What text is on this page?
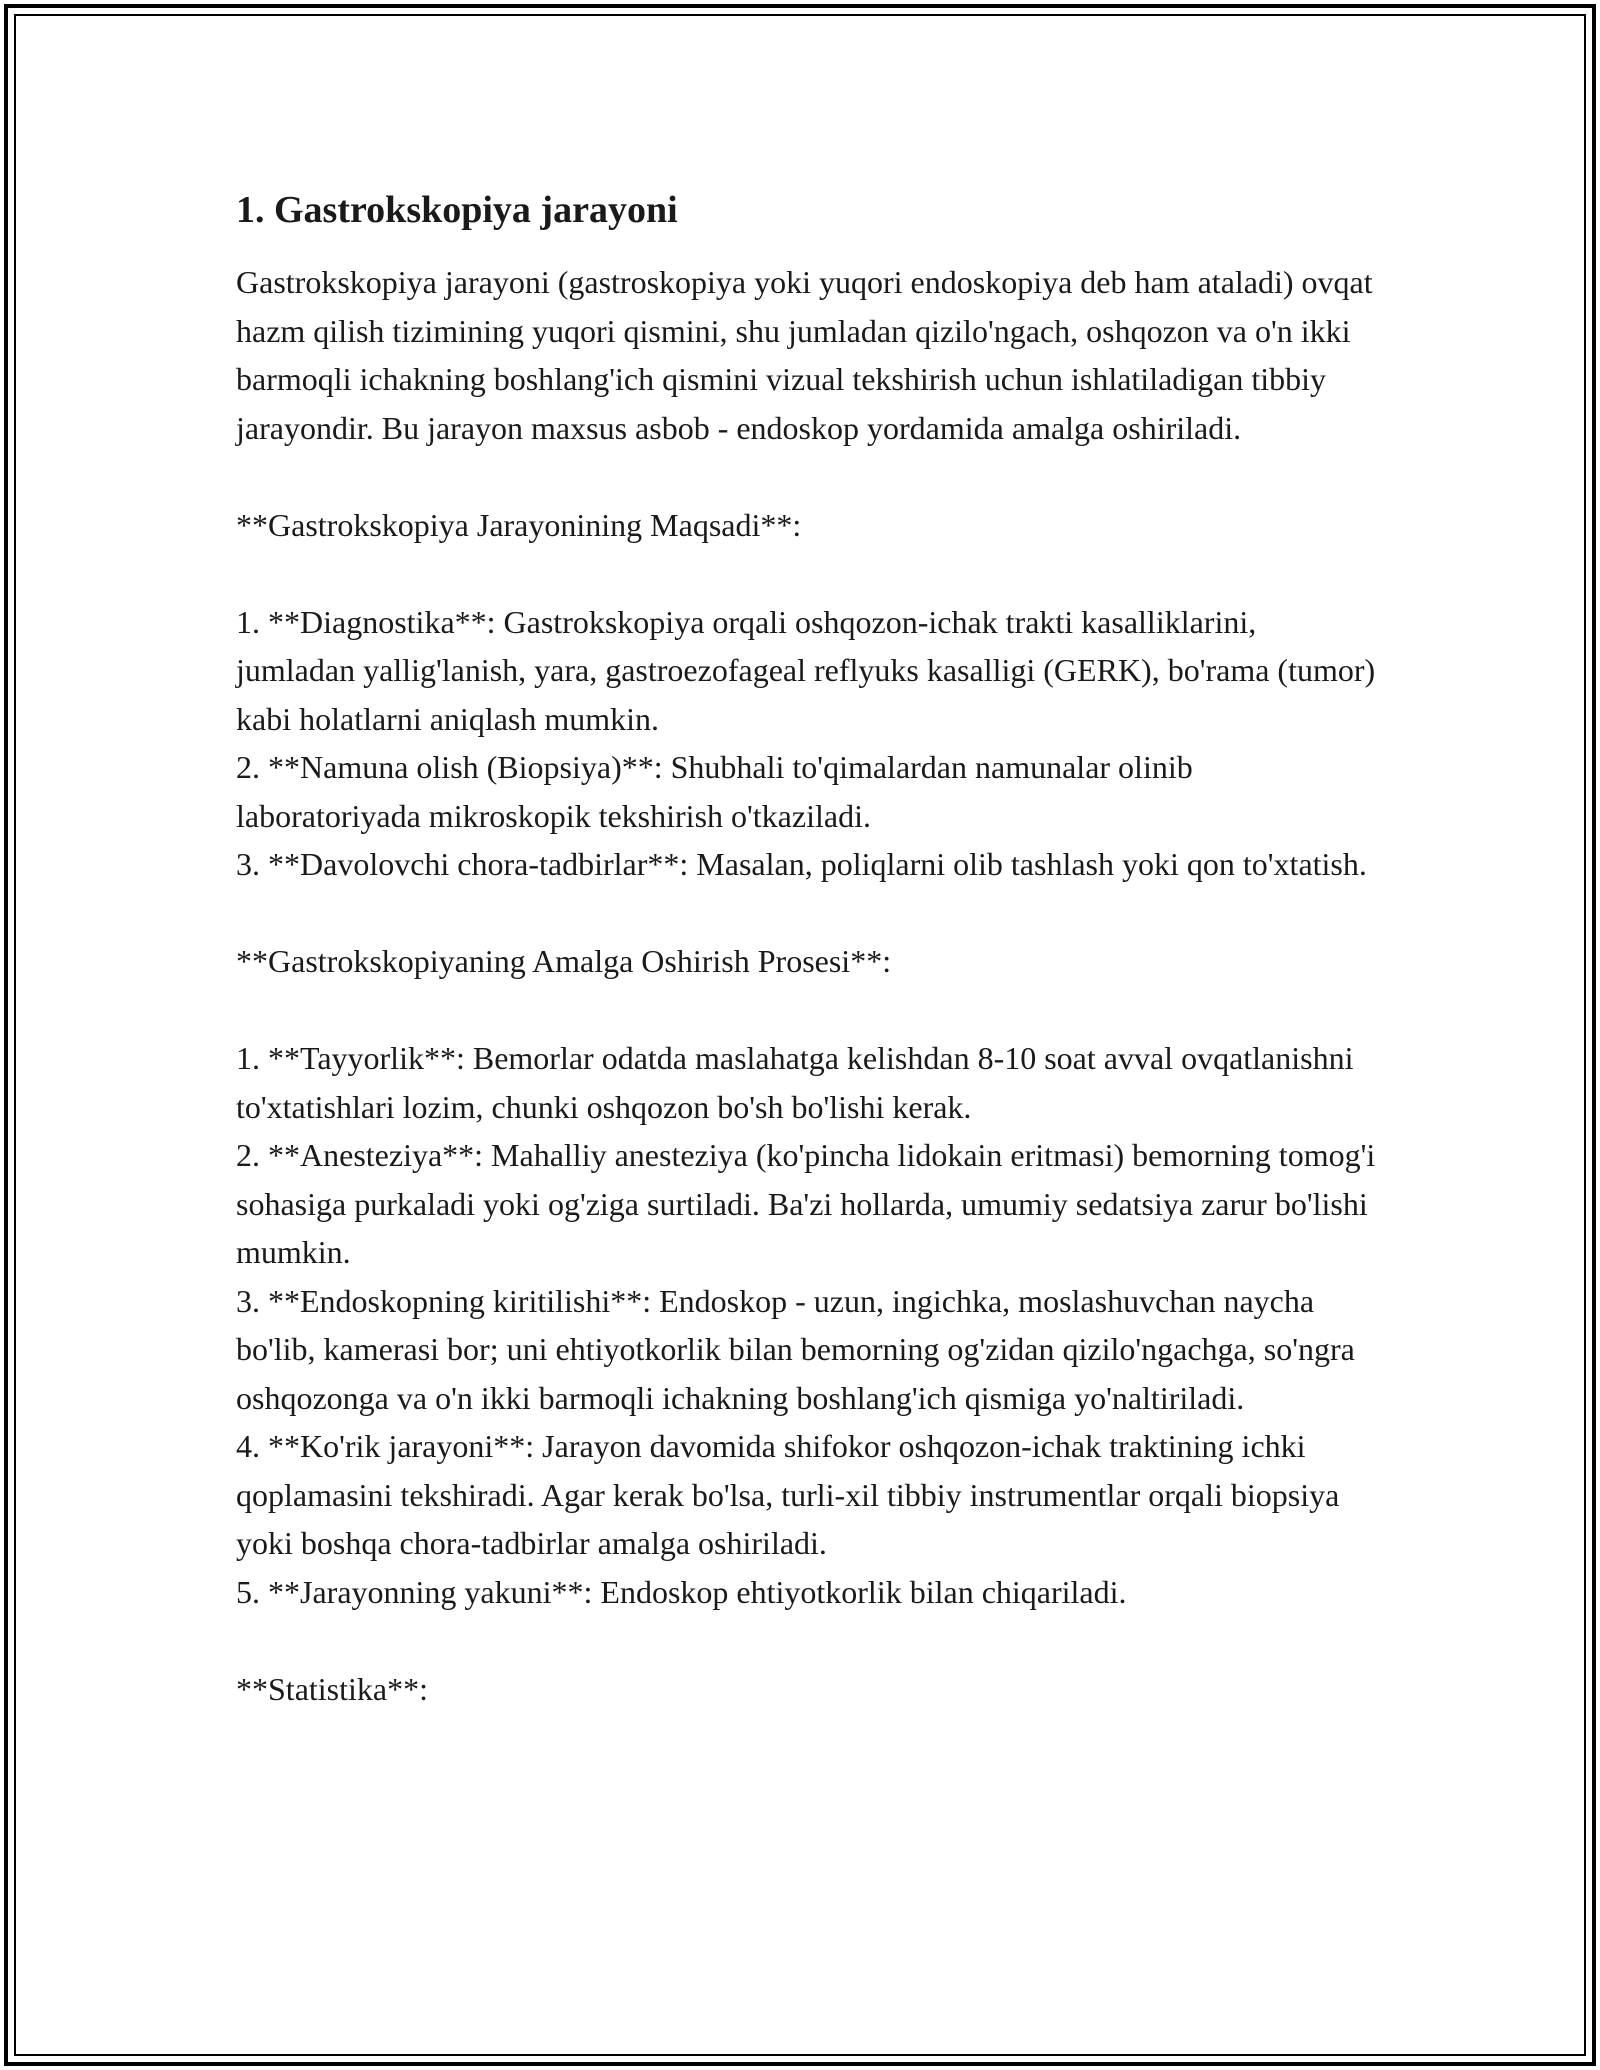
1. Gastrokskopiya jarayoni

Gastrokskopiya jarayoni (gastroskopiya yoki yuqori endoskopiya deb ham ataladi) ovqat hazm qilish tizimining yuqori qismini, shu jumladan qizilo'ngach, oshqozon va o'n ikki barmoqli ichakning boshlang'ich qismini vizual tekshirish uchun ishlatiladigan tibbiy jarayondir. Bu jarayon maxsus asbob - endoskop yordamida amalga oshiriladi.

**Gastrokskopiya Jarayonining Maqsadi**:

1. **Diagnostika**: Gastrokskopiya orqali oshqozon-ichak trakti kasalliklarini, jumladan yallig'lanish, yara, gastroezofageal reflyuks kasalligi (GERK), bo'rama (tumor) kabi holatlarni aniqlash mumkin.

2. **Namuna olish (Biopsiya)**: Shubhali to'qimalardan namunalar olinib laboratoriyada mikroskopik tekshirish o'tkaziladi.

3. **Davolovchi chora-tadbirlar**: Masalan, poliqlarni olib tashlash yoki qon to'xtatish.

**Gastrokskopiyaning Amalga Oshirish Prosesi**:

1. **Tayyorlik**: Bemorlar odatda maslahatga kelishdan 8-10 soat avval ovqatlanishni to'xtatishlari lozim, chunki oshqozon bo'sh bo'lishi kerak.

2. **Anesteziya**: Mahalliy anesteziya (ko'pincha lidokain eritmasi) bemorning tomog'i sohasiga purkaladi yoki og'ziga surtiladi. Ba'zi hollarda, umumiy sedatsiya zarur bo'lishi mumkin.

3. **Endoskopning kiritilishi**: Endoskop - uzun, ingichka, moslashuvchan naycha bo'lib, kamerasi bor; uni ehtiyotkorlik bilan bemorning og'zidan qizilo'ngachga, so'ngra oshqozonga va o'n ikki barmoqli ichakning boshlang'ich qismiga yo'naltiriladi.

4. **Ko'rik jarayoni**: Jarayon davomida shifokor oshqozon-ichak traktining ichki qoplamasini tekshiradi. Agar kerak bo'lsa, turli-xil tibbiy instrumentlar orqali biopsiya yoki boshqa chora-tadbirlar amalga oshiriladi.

5. **Jarayonning yakuni**: Endoskop ehtiyotkorlik bilan chiqariladi.

**Statistika**:
